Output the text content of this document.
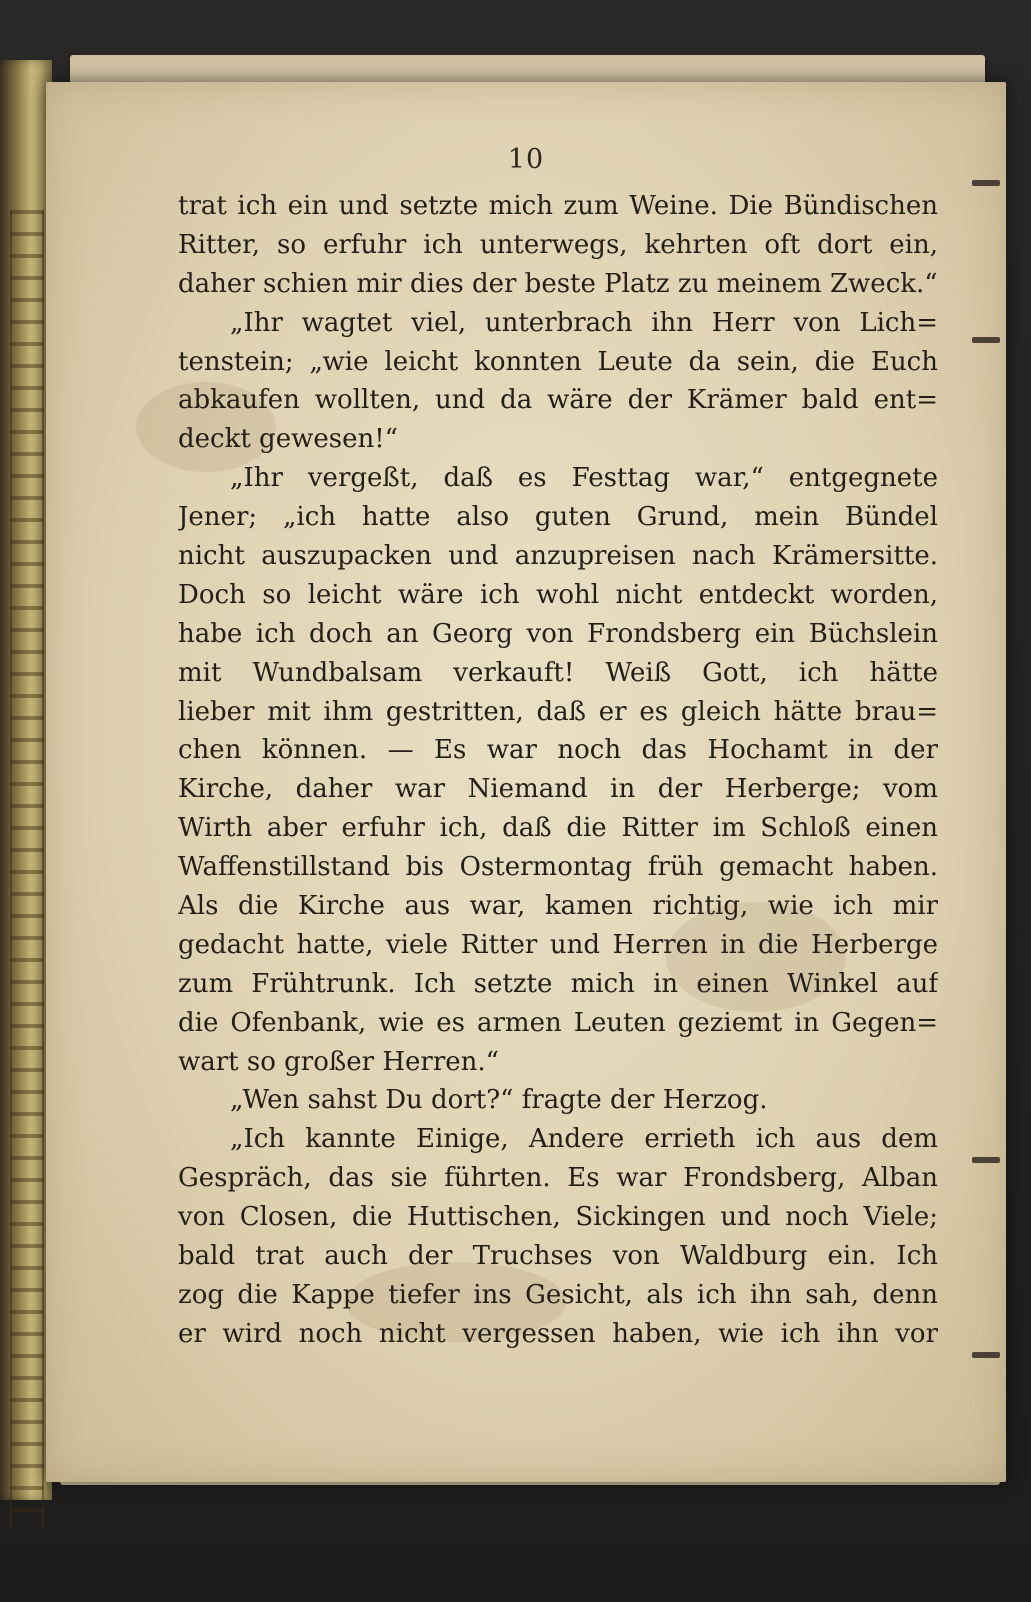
10
trat ich ein und setzte mich zum Weine. Die Bündischen
Ritter, so erfuhr ich unterwegs, kehrten oft dort ein,
daher schien mir dies der beste Platz zu meinem Zweck.“
„Ihr wagtet viel, unterbrach ihn Herr von Lich=
tenstein; „wie leicht konnten Leute da sein, die Euch
abkaufen wollten, und da wäre der Krämer bald ent=
deckt gewesen!“
„Ihr vergeßt, daß es Festtag war,“ entgegnete
Jener; „ich hatte also guten Grund, mein Bündel
nicht auszupacken und anzupreisen nach Krämersitte.
Doch so leicht wäre ich wohl nicht entdeckt worden,
habe ich doch an Georg von Frondsberg ein Büchslein
mit Wundbalsam verkauft! Weiß Gott, ich hätte
lieber mit ihm gestritten, daß er es gleich hätte brau=
chen können. — Es war noch das Hochamt in der
Kirche, daher war Niemand in der Herberge; vom
Wirth aber erfuhr ich, daß die Ritter im Schloß einen
Waffenstillstand bis Ostermontag früh gemacht haben.
Als die Kirche aus war, kamen richtig, wie ich mir
gedacht hatte, viele Ritter und Herren in die Herberge
zum Frühtrunk. Ich setzte mich in einen Winkel auf
die Ofenbank, wie es armen Leuten geziemt in Gegen=
wart so großer Herren.“
„Wen sahst Du dort?“ fragte der Herzog.
„Ich kannte Einige, Andere errieth ich aus dem
Gespräch, das sie führten. Es war Frondsberg, Alban
von Closen, die Huttischen, Sickingen und noch Viele;
bald trat auch der Truchses von Waldburg ein. Ich
zog die Kappe tiefer ins Gesicht, als ich ihn sah, denn
er wird noch nicht vergessen haben, wie ich ihn vor
